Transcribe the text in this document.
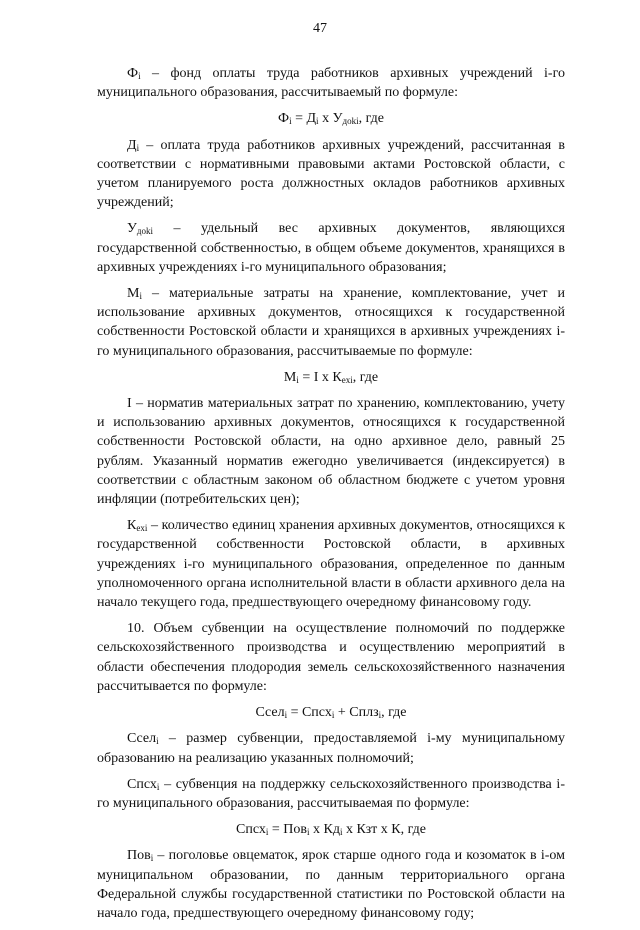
47

$Ф_i$ – фонд оплаты труда работников архивных учреждений i-го муниципального образования, рассчитываемый по формуле:

$Ф_i = Д_i$ х $У_{доki}$, где

$Д_i$ – оплата труда работников архивных учреждений, рассчитанная в соответствии с нормативными правовыми актами Ростовской области, с учетом планируемого роста должностных окладов работников архивных учреждений;

$У_{доki}$ – удельный вес архивных документов, являющихся государственной собственностью, в общем объеме документов, хранящихся в архивных учреждениях i-го муниципального образования;

$М_i$ – материальные затраты на хранение, комплектование, учет и использование архивных документов, относящихся к государственной собственности Ростовской области и хранящихся в архивных учреждениях i-го муниципального образования, рассчитываемые по формуле:

$М_i = I$ х $К_{exi}$, где

I – норматив материальных затрат по хранению, комплектованию, учету и использованию архивных документов, относящихся к государственной собственности Ростовской области, на одно архивное дело, равный 25 рублям. Указанный норматив ежегодно увеличивается (индексируется) в соответствии с областным законом об областном бюджете с учетом уровня инфляции (потребительских цен);

$К_{exi}$ – количество единиц хранения архивных документов, относящихся к государственной собственности Ростовской области, в архивных учреждениях i-го муниципального образования, определенное по данным уполномоченного органа исполнительной власти в области архивного дела на начало текущего года, предшествующего очередному финансовому году.

10. Объем субвенции на осуществление полномочий по поддержке сельскохозяйственного производства и осуществлению мероприятий в области обеспечения плодородия земель сельскохозяйственного назначения рассчитывается по формуле:

Ссел$_i$ = Спсх$_i$ + Сплз$_i$, где

Ссел$_i$ – размер субвенции, предоставляемой i-му муниципальному образованию на реализацию указанных полномочий;

Спсх$_i$ – субвенция на поддержку сельскохозяйственного производства i-го муниципального образования, рассчитываемая по формуле:

Спсх$_i$ = Пов$_i$ х $Кд_i$ х Кзт х К, где

Пов$_i$ – поголовье овцематок, ярок старше одного года и козоматок в i-ом муниципальном образовании, по данным территориального органа Федеральной службы государственной статистики по Ростовской области на начало года, предшествующего очередному финансовому году;
